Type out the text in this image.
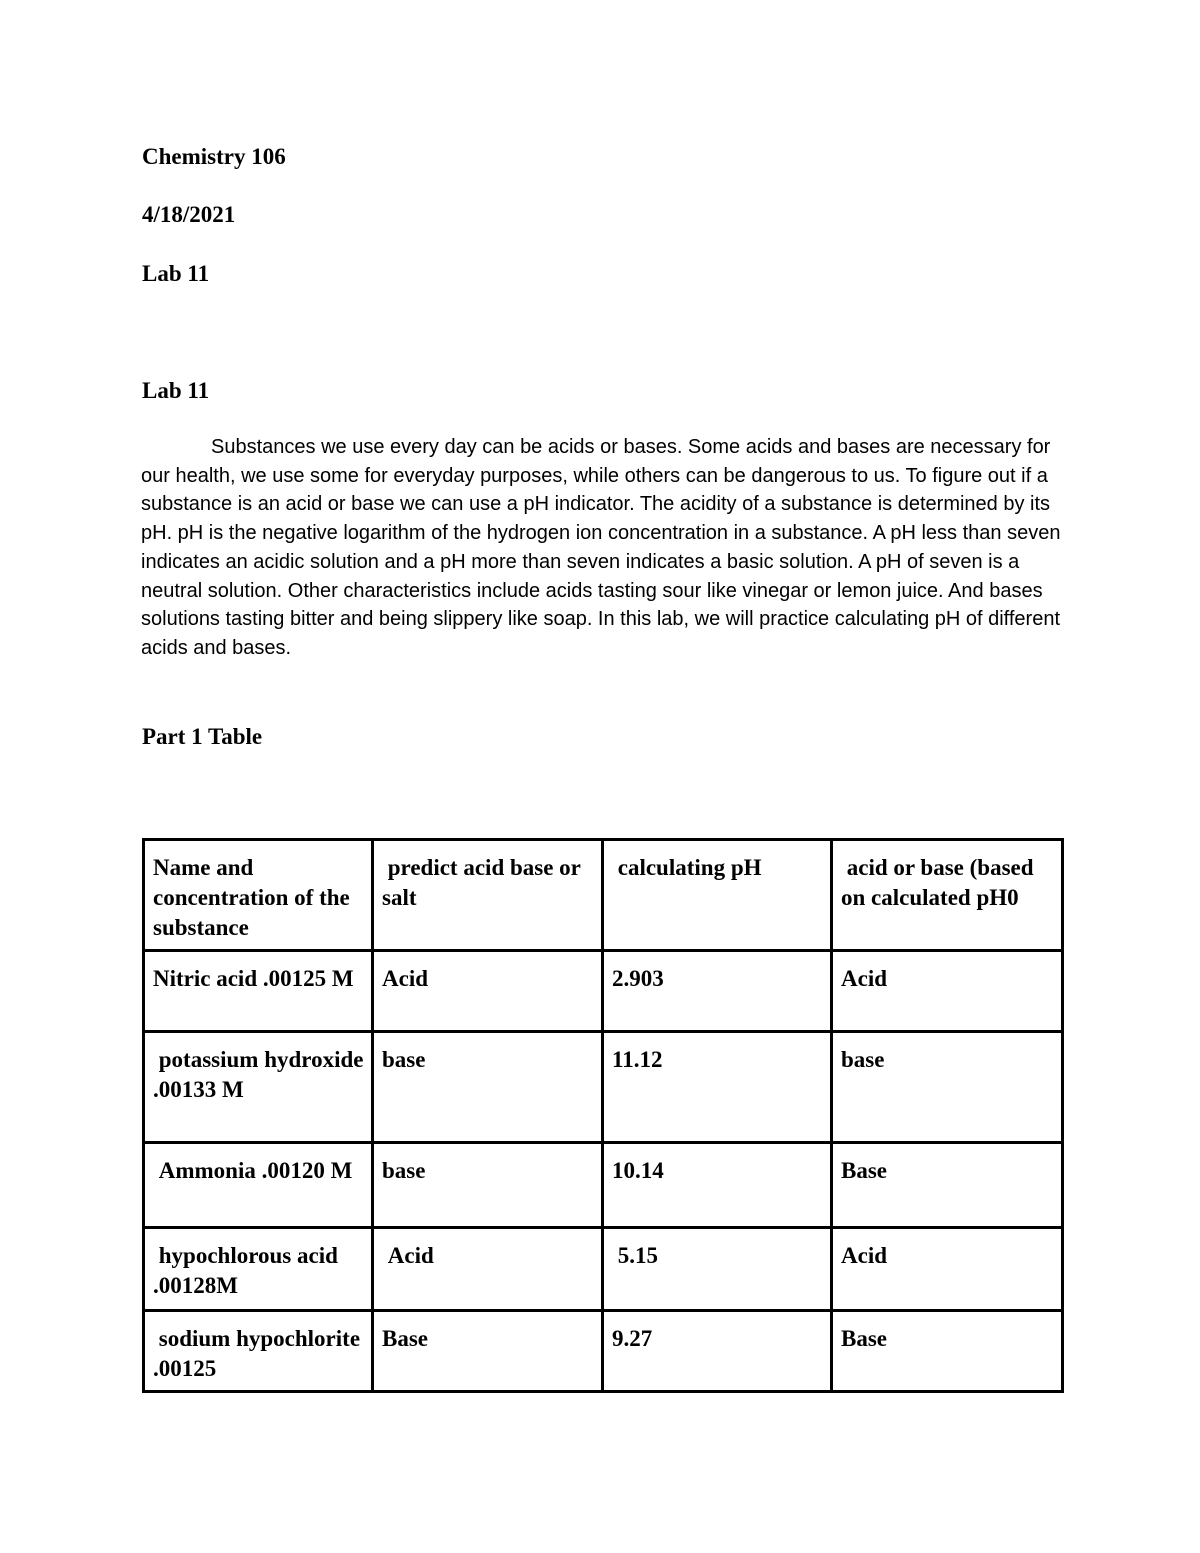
Chemistry 106

4/18/2021

Lab 11

Lab 11

Substances we use every day can be acids or bases. Some acids and bases are necessary for our health, we use some for everyday purposes, while others can be dangerous to us. To figure out if a substance is an acid or base we can use a pH indicator. The acidity of a substance is determined by its pH. pH is the negative logarithm of the hydrogen ion concentration in a substance. A pH less than seven indicates an acidic solution and a pH more than seven indicates a basic solution. A pH of seven is a neutral solution. Other characteristics include acids tasting sour like vinegar or lemon juice. And bases solutions tasting bitter and being slippery like soap. In this lab, we will practice calculating pH of different acids and bases.

Part 1 Table

Name and concentration of the substance	predict acid base or salt	calculating pH	acid or base (based on calculated pH0
Nitric acid .00125 M	Acid	2.903	Acid
potassium hydroxide .00133 M	base	11.12	base
Ammonia .00120 M	base	10.14	Base
hypochlorous acid .00128M	Acid	5.15	Acid
sodium hypochlorite .00125	Base	9.27	Base
